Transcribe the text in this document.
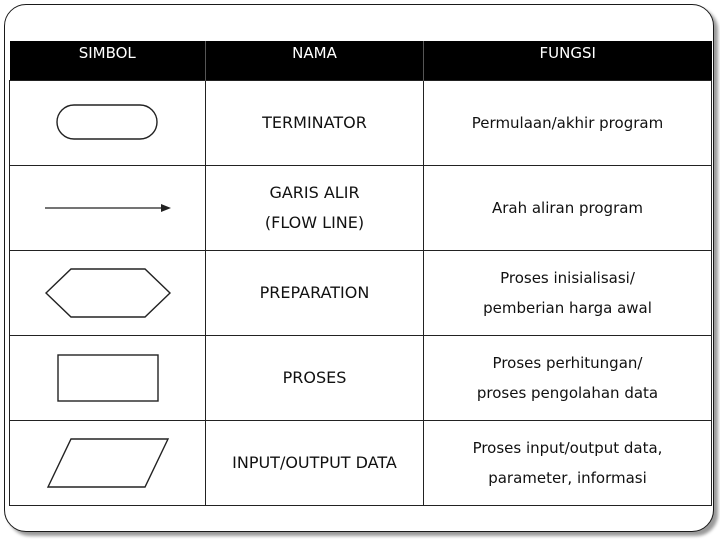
SIMBOL	NAMA	FUNGSI

TERMINATOR	Permulaan/akhir program

GARIS ALIR
(FLOW LINE)	Arah aliran program

PREPARATION	Proses inisialisasi/
pemberian harga awal

PROSES	Proses perhitungan/
proses pengolahan data

INPUT/OUTPUT DATA	Proses input/output data,
parameter, informasi
